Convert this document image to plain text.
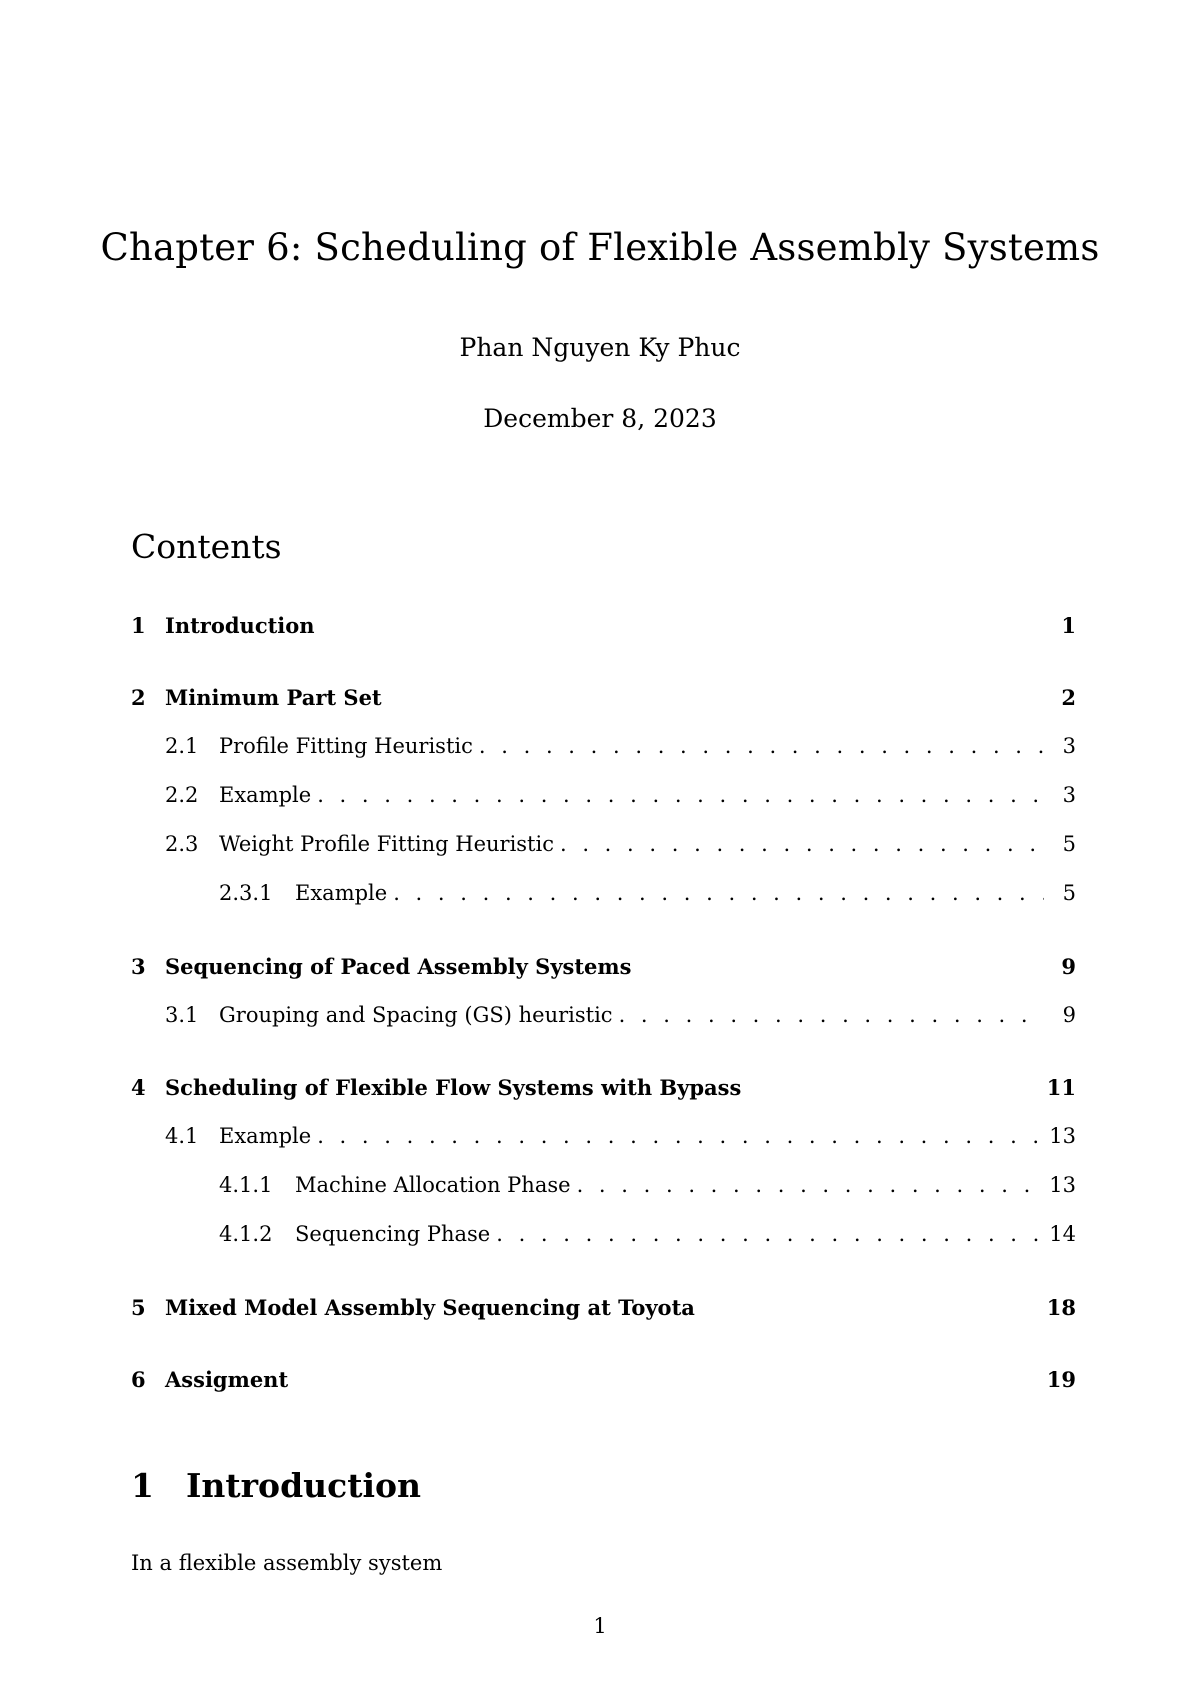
Chapter 6: Scheduling of Flexible Assembly Systems
Phan Nguyen Ky Phuc
December 8, 2023
Contents
1 Introduction	1
2 Minimum Part Set	2
2.1 Profile Fitting Heuristic . . .	3
2.2 Example . . .	3
2.3 Weight Profile Fitting Heuristic . . .	5
2.3.1	Example . . .	5
3 Sequencing of Paced Assembly Systems	9
3.1 Grouping and Spacing (GS) heuristic . . .	9
4 Scheduling of Flexible Flow Systems with Bypass	11
4.1 Example . . .	13
4.1.1	Machine Allocation Phase . . .	13
4.1.2	Sequencing Phase . . .	14
5 Mixed Model Assembly Sequencing at Toyota	18
6 Assigment	19
1 Introduction
In a flexible assembly system
1
